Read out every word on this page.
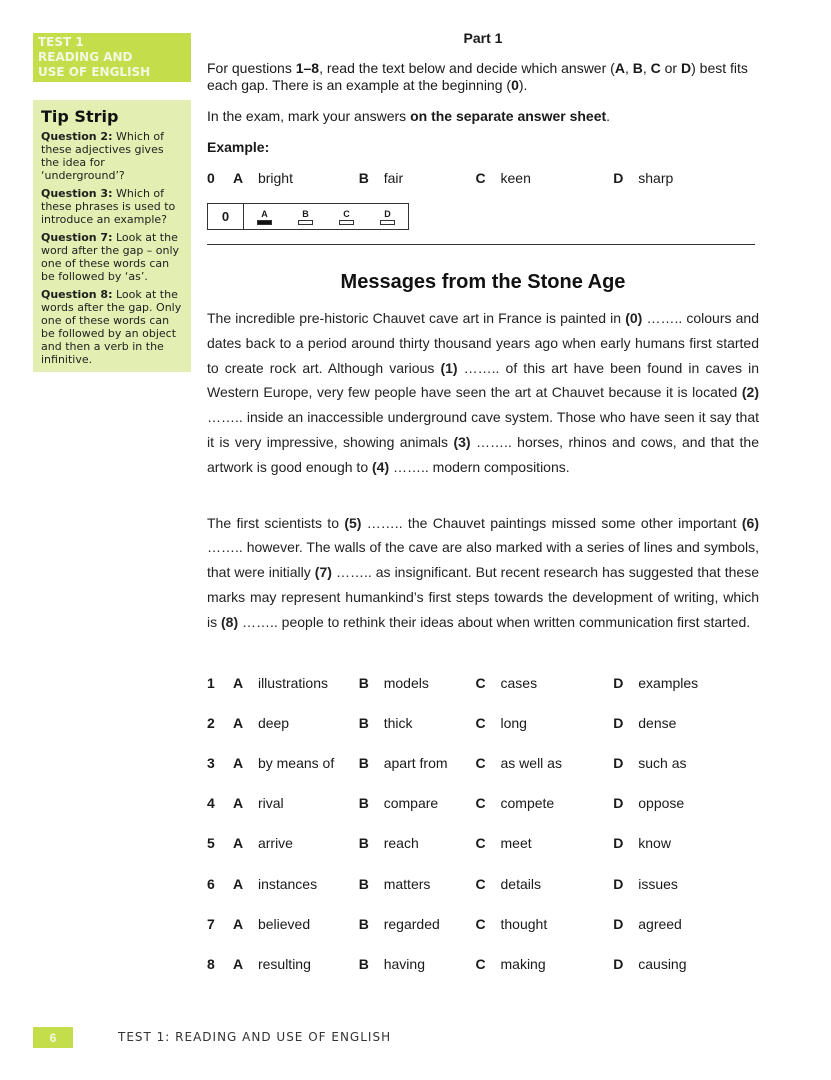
TEST 1
READING AND
USE OF ENGLISH
Tip Strip
Question 2: Which of these adjectives gives the idea for ‘underground’?
Question 3: Which of these phrases is used to introduce an example?
Question 7: Look at the word after the gap – only one of these words can be followed by ‘as’.
Question 8: Look at the words after the gap. Only one of these words can be followed by an object and then a verb in the infinitive.
Part 1

For questions 1–8, read the text below and decide which answer (A, B, C or D) best fits each gap. There is an example at the beginning (0).

In the exam, mark your answers on the separate answer sheet.

Example:
0	A	bright	B	fair	C	keen	D	sharp
0	A	B	C	D
Messages from the Stone Age

The incredible pre-historic Chauvet cave art in France is painted in (0) …….. colours and dates back to a period around thirty thousand years ago when early humans first started to create rock art. Although various (1) …….. of this art have been found in caves in Western Europe, very few people have seen the art at Chauvet because it is located (2) …….. inside an inaccessible underground cave system. Those who have seen it say that it is very impressive, showing animals (3) …….. horses, rhinos and cows, and that the artwork is good enough to (4) …….. modern compositions.

The first scientists to (5) …….. the Chauvet paintings missed some other important (6) …….. however. The walls of the cave are also marked with a series of lines and symbols, that were initially (7) …….. as insignificant. But recent research has suggested that these marks may represent humankind’s first steps towards the development of writing, which is (8) …….. people to rethink their ideas about when written communication first started.

1	A	illustrations B	models	C	cases	D	examples
2	A	deep	B	thick	C	long	D	dense
3	A	by means of B	apart from C	as well as	D	such as
4	A	rival	B	compare	C	compete	D	oppose
5	A	arrive	B	reach	C	meet	D	know
6	A	instances	B	matters	C	details	D	issues
7	A	believed	B	regarded	C	thought	D	agreed
8	A	resulting	B	having	C	making	D	causing
6	TEST 1: READING AND USE OF ENGLISH
